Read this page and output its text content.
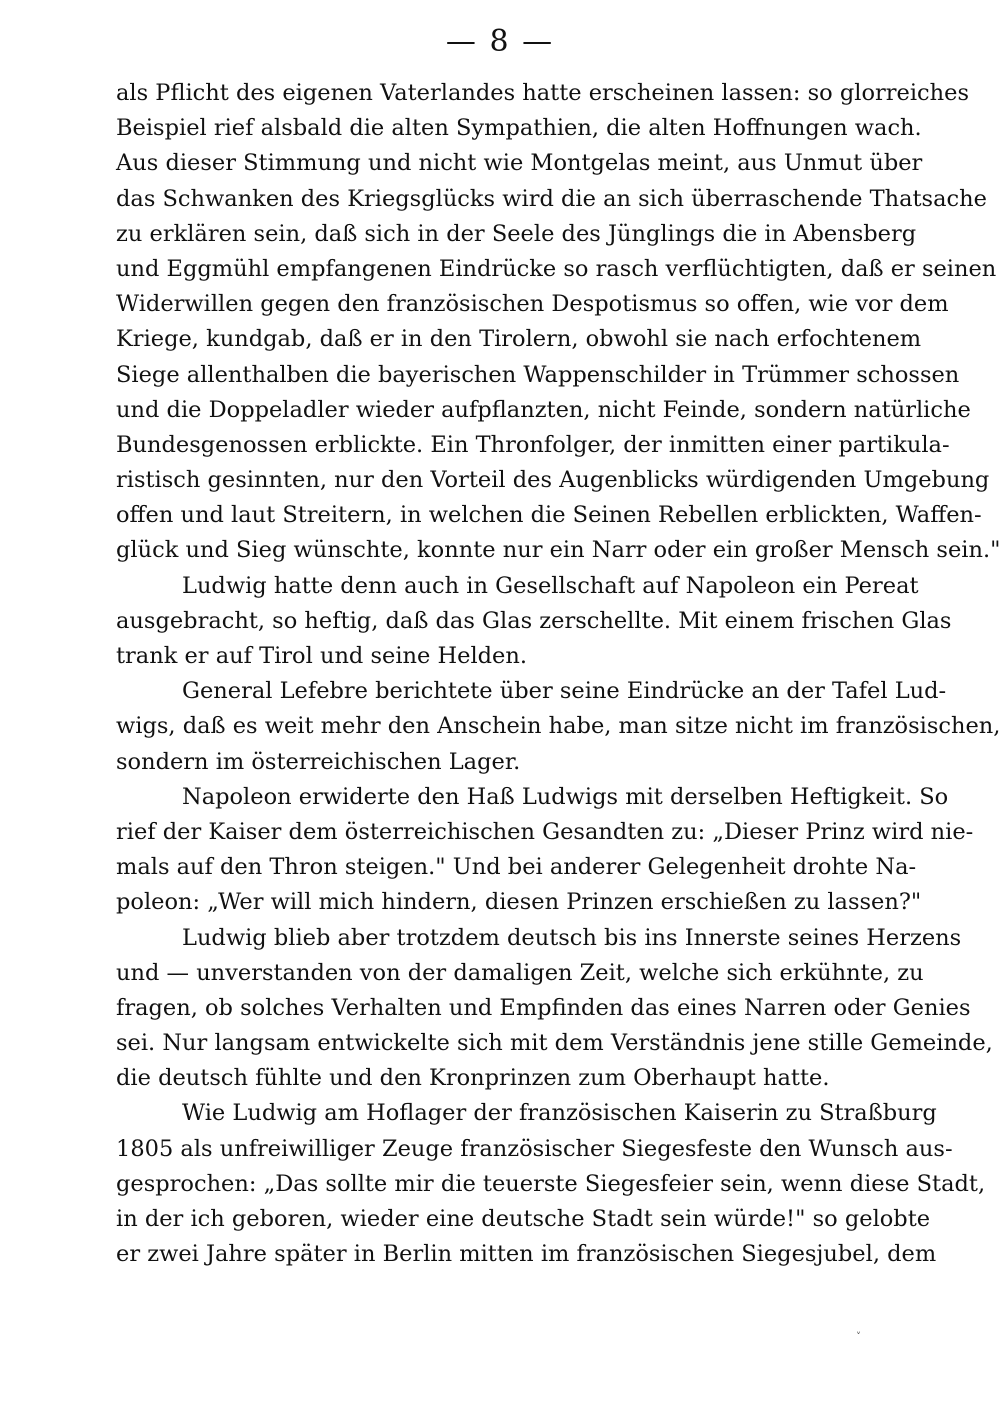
— 8 —
als Pflicht des eigenen Vaterlandes hatte erscheinen lassen: so glorreiches
Beispiel rief alsbald die alten Sympathien, die alten Hoffnungen wach.
Aus dieser Stimmung und nicht wie Montgelas meint, aus Unmut über
das Schwanken des Kriegsglücks wird die an sich überraschende Thatsache
zu erklären sein, daß sich in der Seele des Jünglings die in Abensberg
und Eggmühl empfangenen Eindrücke so rasch verflüchtigten, daß er seinen
Widerwillen gegen den französischen Despotismus so offen, wie vor dem
Kriege, kundgab, daß er in den Tirolern, obwohl sie nach erfochtenem
Siege allenthalben die bayerischen Wappenschilder in Trümmer schossen
und die Doppeladler wieder aufpflanzten, nicht Feinde, sondern natürliche
Bundesgenossen erblickte. Ein Thronfolger, der inmitten einer partikula-
ristisch gesinnten, nur den Vorteil des Augenblicks würdigenden Umgebung
offen und laut Streitern, in welchen die Seinen Rebellen erblickten, Waffen-
glück und Sieg wünschte, konnte nur ein Narr oder ein großer Mensch sein."
Ludwig hatte denn auch in Gesellschaft auf Napoleon ein Pereat
ausgebracht, so heftig, daß das Glas zerschellte. Mit einem frischen Glas
trank er auf Tirol und seine Helden.
General Lefebre berichtete über seine Eindrücke an der Tafel Lud-
wigs, daß es weit mehr den Anschein habe, man sitze nicht im französischen,
sondern im österreichischen Lager.
Napoleon erwiderte den Haß Ludwigs mit derselben Heftigkeit. So
rief der Kaiser dem österreichischen Gesandten zu: „Dieser Prinz wird nie-
mals auf den Thron steigen." Und bei anderer Gelegenheit drohte Na-
poleon: „Wer will mich hindern, diesen Prinzen erschießen zu lassen?"
Ludwig blieb aber trotzdem deutsch bis ins Innerste seines Herzens
und — unverstanden von der damaligen Zeit, welche sich erkühnte, zu
fragen, ob solches Verhalten und Empfinden das eines Narren oder Genies
sei. Nur langsam entwickelte sich mit dem Verständnis jene stille Gemeinde,
die deutsch fühlte und den Kronprinzen zum Oberhaupt hatte.
Wie Ludwig am Hoflager der französischen Kaiserin zu Straßburg
1805 als unfreiwilliger Zeuge französischer Siegesfeste den Wunsch aus-
gesprochen: „Das sollte mir die teuerste Siegesfeier sein, wenn diese Stadt,
in der ich geboren, wieder eine deutsche Stadt sein würde!" so gelobte
er zwei Jahre später in Berlin mitten im französischen Siegesjubel, dem
˅
